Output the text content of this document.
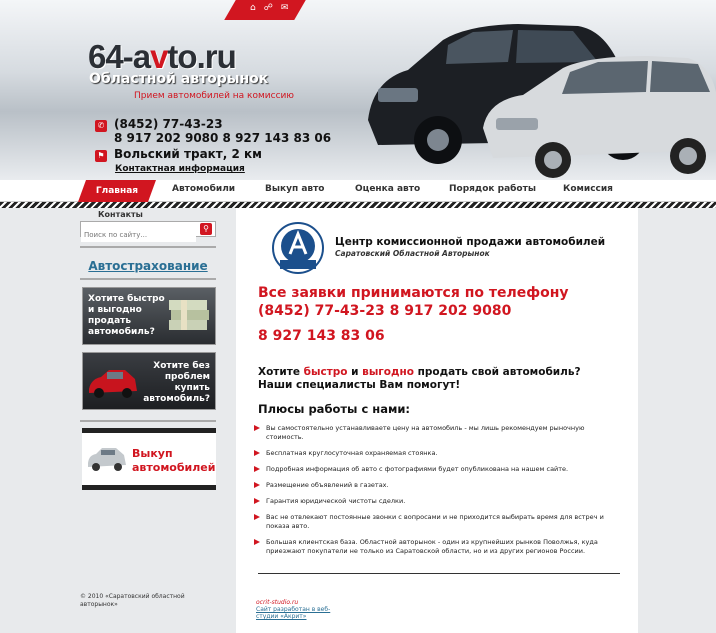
⌂ ☍ ✉
64-avto.ru
Областной авторынок
Прием автомобилей на комиссию
✆ (8452) 77-43-23
8 917 202 9080 8 927 143 83 06
⚑ Вольский тракт, 2 км
Контактная информация
Главная	Автомобили	Выкуп авто	Оценка авто	Порядок работы	Комиссия
Контакты
Поиск по сайту...
⚲
Автострахование
Хотите быстро и выгодно продать автомобиль?
Хотите без проблем купить автомобиль?
Выкуп автомобилей
© 2010 «Саратовский областной авторынок»
Центр комиссионной продажи автомобилей
Саратовский Областной Авторынок
Все заявки принимаются по телефону
(8452) 77-43-23 8 917 202 9080
8 927 143 83 06
Хотите быстро и выгодно продать свой автомобиль?
Наши специалисты Вам помогут!
Плюсы работы с нами:
Вы самостоятельно устанавливаете цену на автомобиль - мы лишь рекомендуем рыночную стоимость.
Бесплатная круглосуточная охраняемая стоянка.
Подробная информация об авто с фотографиями будет опубликована на нашем сайте.
Размещение объявлений в газетах.
Гарантия юридической чистоты сделки.
Вас не отвлекают постоянные звонки с вопросами и не приходится выбирать время для встреч и показа авто.
Большая клиентская база. Областной авторынок - один из крупнейших рынков Поволжья, куда приезжают покупатели не только из Саратовской области, но и из других регионов России.
ocrit-studio.ru
Сайт разработан в веб-студии «Акрит»
